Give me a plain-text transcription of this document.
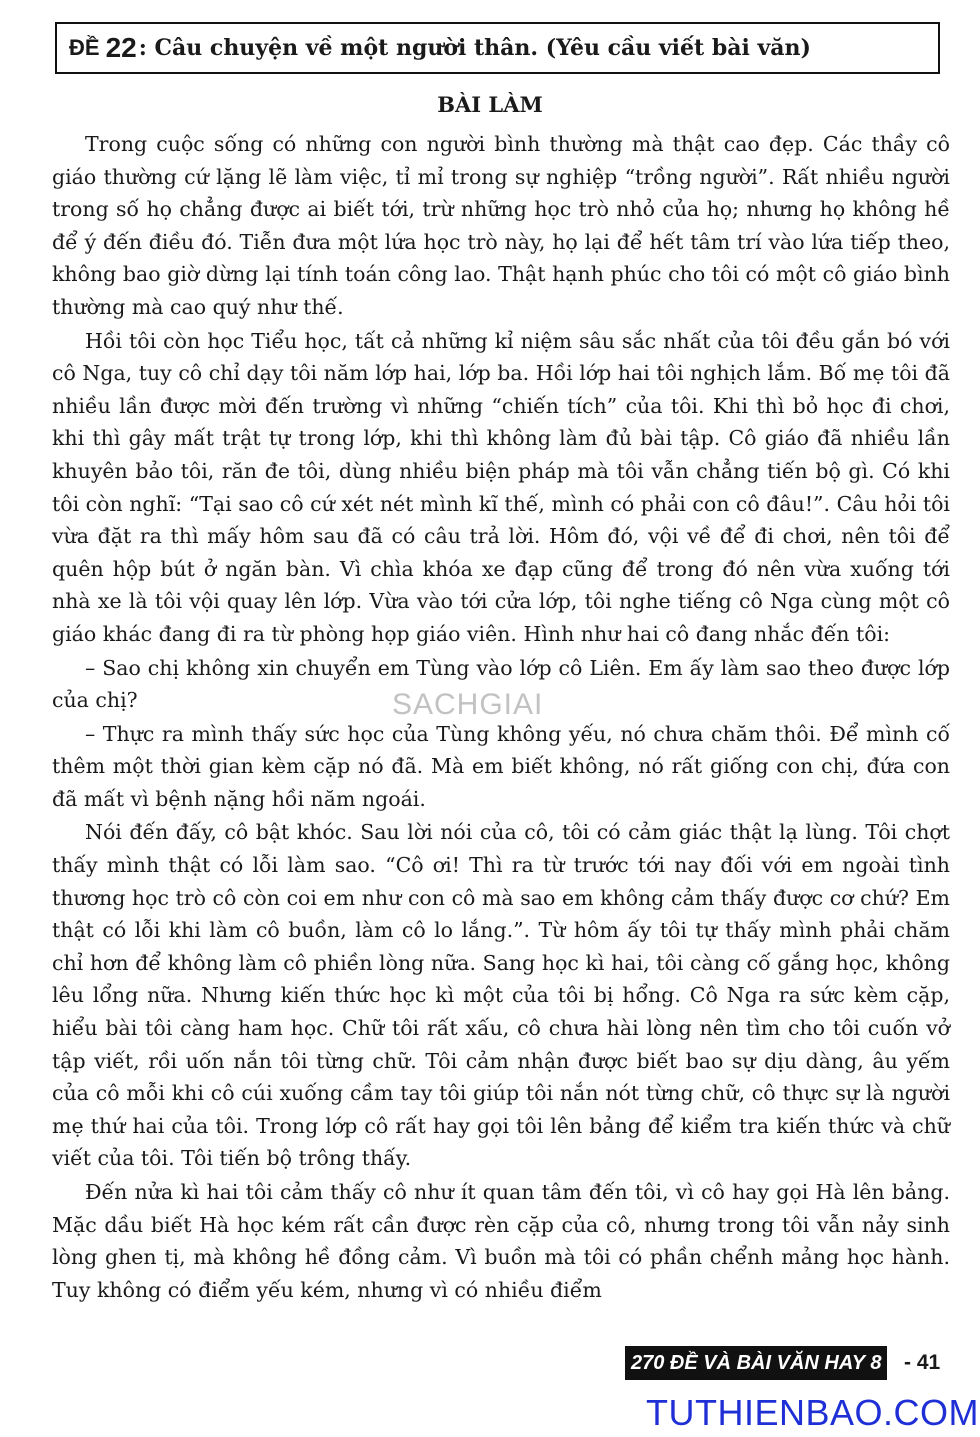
ĐỀ 22 : Câu chuyện về một người thân. (Yêu cầu viết bài văn)
BÀI LÀM

Trong cuộc sống có những con người bình thường mà thật cao đẹp. Các thầy cô giáo thường cứ lặng lẽ làm việc, tỉ mỉ trong sự nghiệp “trồng người”. Rất nhiều người trong số họ chẳng được ai biết tới, trừ những học trò nhỏ của họ; nhưng họ không hề để ý đến điều đó. Tiễn đưa một lứa học trò này, họ lại để hết tâm trí vào lứa tiếp theo, không bao giờ dừng lại tính toán công lao. Thật hạnh phúc cho tôi có một cô giáo bình thường mà cao quý như thế.

Hồi tôi còn học Tiểu học, tất cả những kỉ niệm sâu sắc nhất của tôi đều gắn bó với cô Nga, tuy cô chỉ dạy tôi năm lớp hai, lớp ba. Hồi lớp hai tôi nghịch lắm. Bố mẹ tôi đã nhiều lần được mời đến trường vì những “chiến tích” của tôi. Khi thì bỏ học đi chơi, khi thì gây mất trật tự trong lớp, khi thì không làm đủ bài tập. Cô giáo đã nhiều lần khuyên bảo tôi, răn đe tôi, dùng nhiều biện pháp mà tôi vẫn chẳng tiến bộ gì. Có khi tôi còn nghĩ: “Tại sao cô cứ xét nét mình kĩ thế, mình có phải con cô đâu!”. Câu hỏi tôi vừa đặt ra thì mấy hôm sau đã có câu trả lời. Hôm đó, vội về để đi chơi, nên tôi để quên hộp bút ở ngăn bàn. Vì chìa khóa xe đạp cũng để trong đó nên vừa xuống tới nhà xe là tôi vội quay lên lớp. Vừa vào tới cửa lớp, tôi nghe tiếng cô Nga cùng một cô giáo khác đang đi ra từ phòng họp giáo viên. Hình như hai cô đang nhắc đến tôi:

– Sao chị không xin chuyển em Tùng vào lớp cô Liên. Em ấy làm sao theo được lớp của chị?

– Thực ra mình thấy sức học của Tùng không yếu, nó chưa chăm thôi. Để mình cố thêm một thời gian kèm cặp nó đã. Mà em biết không, nó rất giống con chị, đứa con đã mất vì bệnh nặng hồi năm ngoái.

Nói đến đấy, cô bật khóc. Sau lời nói của cô, tôi có cảm giác thật lạ lùng. Tôi chợt thấy mình thật có lỗi làm sao. “Cô ơi! Thì ra từ trước tới nay đối với em ngoài tình thương học trò cô còn coi em như con cô mà sao em không cảm thấy được cơ chứ? Em thật có lỗi khi làm cô buồn, làm cô lo lắng.”. Từ hôm ấy tôi tự thấy mình phải chăm chỉ hơn để không làm cô phiền lòng nữa. Sang học kì hai, tôi càng cố gắng học, không lêu lổng nữa. Nhưng kiến thức học kì một của tôi bị hổng. Cô Nga ra sức kèm cặp, hiểu bài tôi càng ham học. Chữ tôi rất xấu, cô chưa hài lòng nên tìm cho tôi cuốn vở tập viết, rồi uốn nắn tôi từng chữ. Tôi cảm nhận được biết bao sự dịu dàng, âu yếm của cô mỗi khi cô cúi xuống cầm tay tôi giúp tôi nắn nót từng chữ, cô thực sự là người mẹ thứ hai của tôi. Trong lớp cô rất hay gọi tôi lên bảng để kiểm tra kiến thức và chữ viết của tôi. Tôi tiến bộ trông thấy.

Đến nửa kì hai tôi cảm thấy cô như ít quan tâm đến tôi, vì cô hay gọi Hà lên bảng. Mặc dầu biết Hà học kém rất cần được rèn cặp của cô, nhưng trong tôi vẫn nảy sinh lòng ghen tị, mà không hề đồng cảm. Vì buồn mà tôi có phần chểnh mảng học hành. Tuy không có điểm yếu kém, nhưng vì có nhiều điểm

SACHGIAI
270 ĐỀ VÀ BÀI VĂN HAY 8 - 41
TUTHIENBAO.COM
